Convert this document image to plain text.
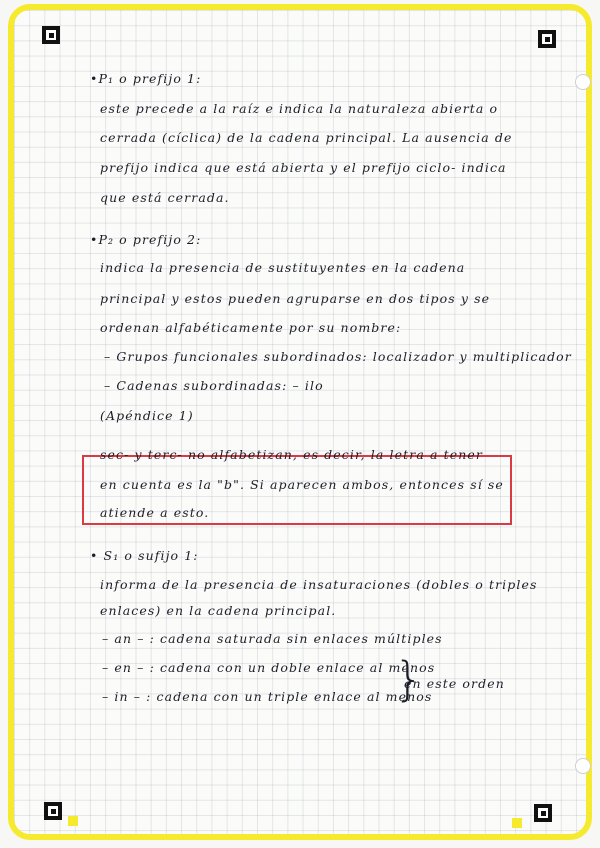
•P₁ o prefijo 1:
este precede a la raíz e indica la naturaleza abierta o
cerrada (cíclica) de la cadena principal. La ausencia de
prefijo indica que está abierta y el prefijo ciclo- indica
que está cerrada.
•P₂ o prefijo 2:
indica la presencia de sustituyentes en la cadena
principal y estos pueden agruparse en dos tipos y se
ordenan alfabéticamente por su nombre:
– Grupos funcionales subordinados: localizador y multiplicador
– Cadenas subordinadas: – ilo
(Apéndice 1)
sec- y terc- no alfabetizan, es decir, la letra a tener
en cuenta es la "b". Si aparecen ambos, entonces sí se
atiende a esto.
• S₁ o sufijo 1:
informa de la presencia de insaturaciones (dobles o triples
enlaces) en la cadena principal.
– an – : cadena saturada sin enlaces múltiples
– en – : cadena con un doble enlace al menos
– in – : cadena con un triple enlace al menos
}
en este orden
